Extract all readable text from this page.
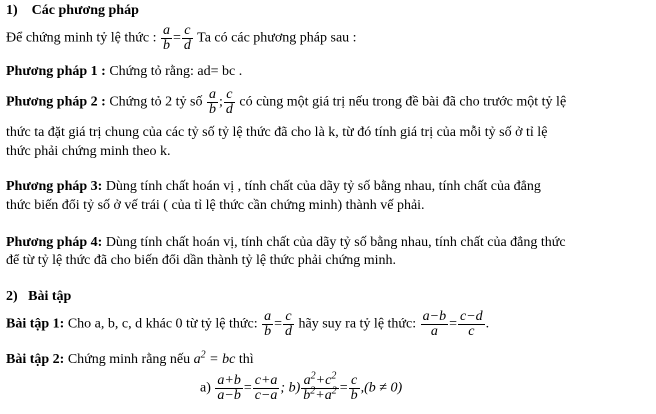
1) Các phương pháp
Để chứng minh tỷ lệ thức : $\frac{a}{b} = \frac{c}{d}$ Ta có các phương pháp sau :
Phương pháp 1 : Chứng tỏ rằng: ad= bc .
Phương pháp 2 : Chứng tỏ 2 tỷ số $\frac{a}{b}$ ; $\frac{c}{d}$ có cùng một giá trị nếu trong đề bài đã cho trước một tỷ lệ
thức ta đặt giá trị chung của các tỷ số tỷ lệ thức đã cho là k, từ đó tính giá trị của mỗi tỷ số ở tỉ lệ
thức phải chứng minh theo k.
Phương pháp 3: Dùng tính chất hoán vị , tính chất của dãy tỷ số bằng nhau, tính chất của đẳng
thức biến đổi tỷ số ở vế trái ( của tỉ lệ thức cần chứng minh) thành vế phải.
Phương pháp 4: Dùng tính chất hoán vị, tính chất của dãy tỷ số bằng nhau, tính chất của đẳng thức
để từ tỷ lệ thức đã cho biến đổi dần thành tỷ lệ thức phải chứng minh.
2) Bài tập
Bài tập 1: Cho a, b, c, d khác 0 từ tỷ lệ thức: $\frac{a}{b} = \frac{c}{d}$ hãy suy ra tỷ lệ thức: $\frac{a-b}{a} = \frac{c-d}{c}$ .
Bài tập 2: Chứng minh rằng nếu $a^2$ = bc thì
$a) \frac{a+b}{a-b} = \frac{c+a}{c-a}$ ; $b) \frac{a^2+c^2}{b^2+a^2} = \frac{c}{b} ,(b \ne 0)$
